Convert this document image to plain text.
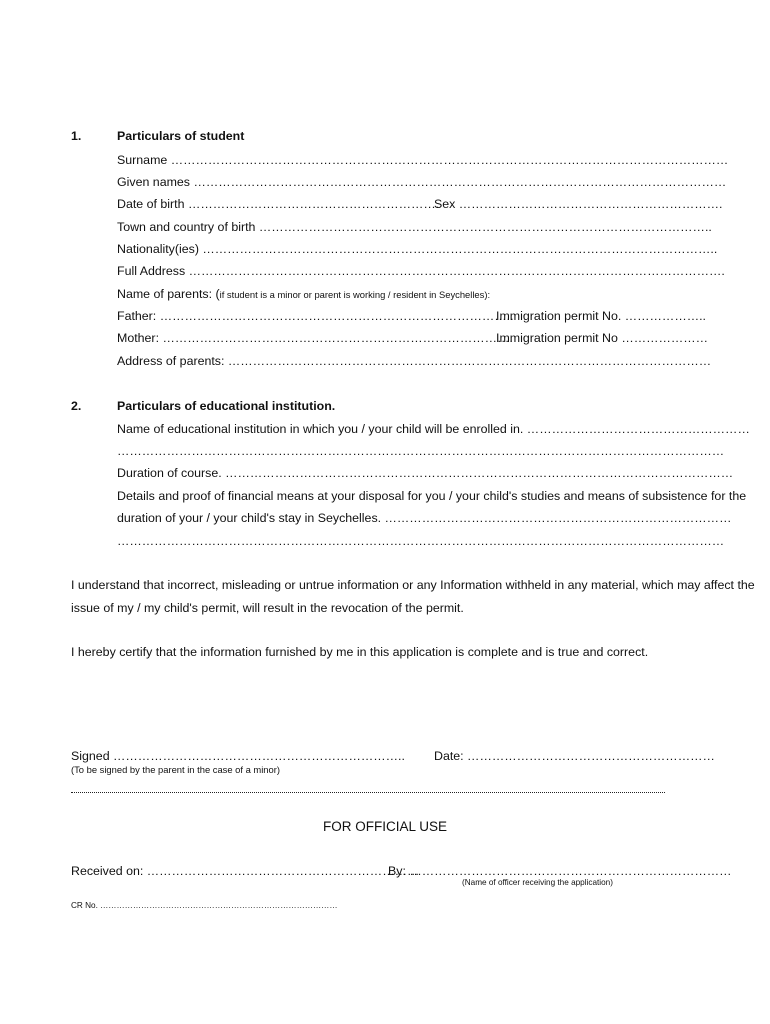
1.	Particulars of student
Surname ………………………………………………………………………………………………………………………
Given names …………………………………………………………………………………………………………………
Date of birth …………………………………………………….
Sex ……………………………………………………….
Town and country of birth ………………………………………………………………………………………………..
Nationality(ies) ……………………………………………………………………………………………………………..
Full Address ………………………………………………………………………………………………………………….
Name of parents: (if student is a minor or parent is working / resident in Seychelles):
Father: …………………………………………………………………………..
Immigration permit No. ………………..
Mother: ………………………………………………………………………….
Immigration permit No …………………
Address of parents: ………………………………………………………………………………………………………
2.	Particulars of educational institution.
Name of educational institution in which you / your child will be enrolled in. ………………………………………………
…………………………………………………………………………………………………………………………………
Duration of course. ……………………………………………………………………………………………………………
Details and proof of financial means at your disposal for you / your child's studies and means of subsistence for the
duration of your / your child's stay in Seychelles. …………………………………………………………………………
…………………………………………………………………………………………………………………………………
I understand that incorrect, misleading or untrue information or any Information withheld in any material, which may affect the
issue of my / my child's permit, will result in the revocation of the permit.
I hereby certify that the information furnished by me in this application is complete and is true and correct.
Signed ……………………………………………………………..
(To be signed by the parent in the case of a minor)
Date: ……………………………………………………
FOR OFFICIAL USE
Received on: …………………………………………………………
By: ……………………………………………………………………
(Name of officer receiving the application)
CR No. ……………………………………………………………………………
